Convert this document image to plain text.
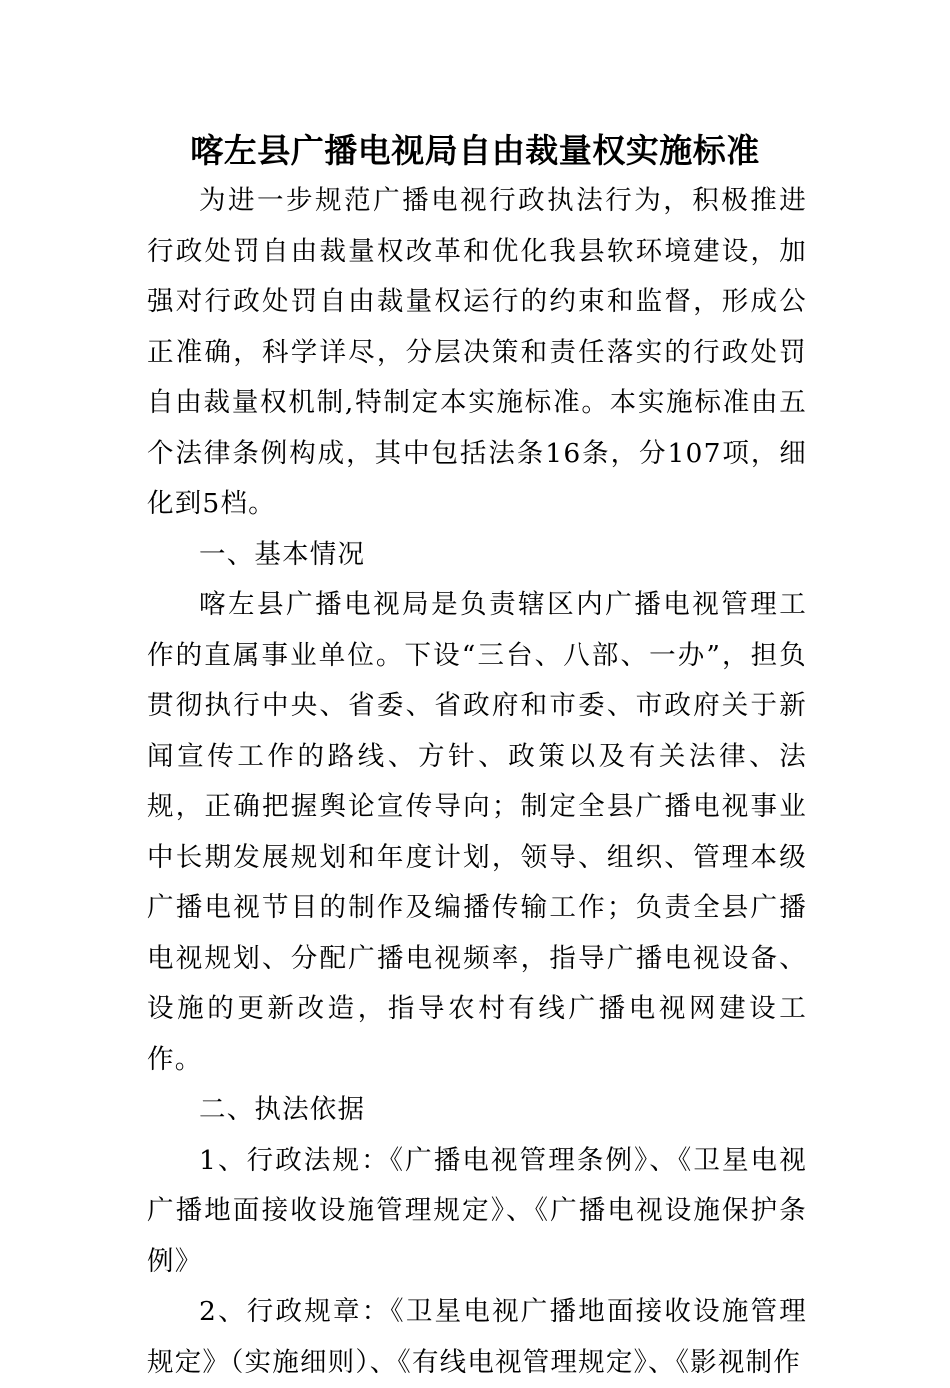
喀左县广播电视局自由裁量权实施标准

为进一步规范广播电视行政执法行为，积极推进行政处罚自由裁量权改革和优化我县软环境建设，加强对行政处罚自由裁量权运行的约束和监督，形成公正准确，科学详尽，分层决策和责任落实的行政处罚自由裁量权机制,特制定本实施标准。本实施标准由五个法律条例构成，其中包括法条16条，分107项，细化到5档。

一、基本情况

喀左县广播电视局是负责辖区内广播电视管理工作的直属事业单位。下设“三台、八部、一办”，担负贯彻执行中央、省委、省政府和市委、市政府关于新闻宣传工作的路线、方针、政策以及有关法律、法规，正确把握舆论宣传导向；制定全县广播电视事业中长期发展规划和年度计划，领导、组织、管理本级广播电视节目的制作及编播传输工作；负责全县广播电视规划、分配广播电视频率，指导广播电视设备、设施的更新改造，指导农村有线广播电视网建设工作。

二、执法依据

1、行政法规：《广播电视管理条例》、《卫星电视广播地面接收设施管理规定》、《广播电视设施保护条例》

2、行政规章：《卫星电视广播地面接收设施管理规定》（实施细则）、《有线电视管理规定》、《影视制作
